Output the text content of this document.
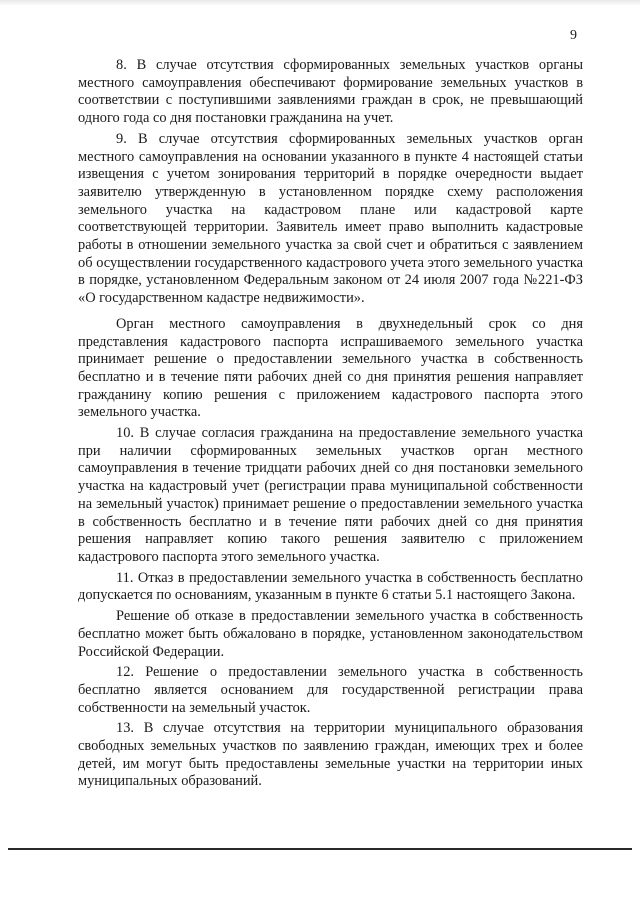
9

8. В случае отсутствия сформированных земельных участков органы местного самоуправления обеспечивают формирование земельных участков в соответствии с поступившими заявлениями граждан в срок, не превышающий одного года со дня постановки гражданина на учет.

9. В случае отсутствия сформированных земельных участков орган местного самоуправления на основании указанного в пункте 4 настоящей статьи извещения с учетом зонирования территорий в порядке очередности выдает заявителю утвержденную в установленном порядке схему расположения земельного участка на кадастровом плане или кадастровой карте соответствующей территории. Заявитель имеет право выполнить кадастровые работы в отношении земельного участка за свой счет и обратиться с заявлением об осуществлении государственного кадастрового учета этого земельного участка в порядке, установленном Федеральным законом от 24 июля 2007 года №221-ФЗ «О государственном кадастре недвижимости».

Орган местного самоуправления в двухнедельный срок со дня представления кадастрового паспорта испрашиваемого земельного участка принимает решение о предоставлении земельного участка в собственность бесплатно и в течение пяти рабочих дней со дня принятия решения направляет гражданину копию решения с приложением кадастрового паспорта этого земельного участка.

10. В случае согласия гражданина на предоставление земельного участка при наличии сформированных земельных участков орган местного самоуправления в течение тридцати рабочих дней со дня постановки земельного участка на кадастровый учет (регистрации права муниципальной собственности на земельный участок) принимает решение о предоставлении земельного участка в собственность бесплатно и в течение пяти рабочих дней со дня принятия решения направляет копию такого решения заявителю с приложением кадастрового паспорта этого земельного участка.

11. Отказ в предоставлении земельного участка в собственность бесплатно допускается по основаниям, указанным в пункте 6 статьи 5.1 настоящего Закона.

Решение об отказе в предоставлении земельного участка в собственность бесплатно может быть обжаловано в порядке, установленном законодательством Российской Федерации.

12. Решение о предоставлении земельного участка в собственность бесплатно является основанием для государственной регистрации права собственности на земельный участок.

13. В случае отсутствия на территории муниципального образования свободных земельных участков по заявлению граждан, имеющих трех и более детей, им могут быть предоставлены земельные участки на территории иных муниципальных образований.
